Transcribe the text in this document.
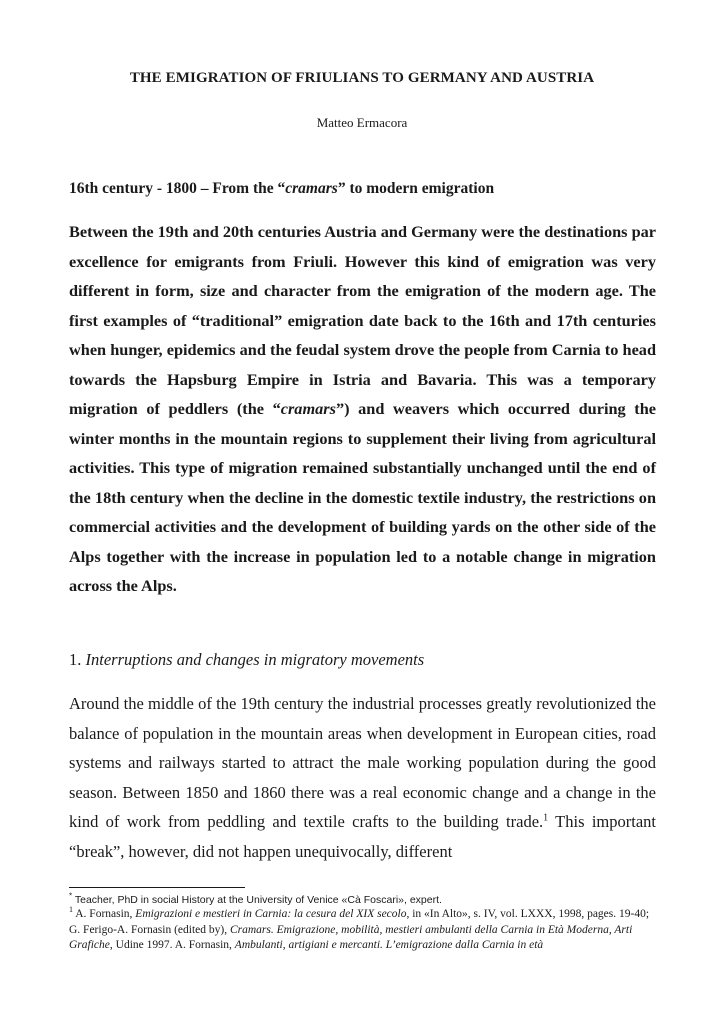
THE EMIGRATION OF FRIULIANS TO GERMANY AND AUSTRIA
Matteo Ermacora
16th century - 1800 – From the “cramars” to modern emigration

Between the 19th and 20th centuries Austria and Germany were the destinations par excellence for emigrants from Friuli. However this kind of emigration was very different in form, size and character from the emigration of the modern age. The first examples of “traditional” emigration date back to the 16th and 17th centuries when hunger, epidemics and the feudal system drove the people from Carnia to head towards the Hapsburg Empire in Istria and Bavaria. This was a temporary migration of peddlers (the “cramars”) and weavers which occurred during the winter months in the mountain regions to supplement their living from agricultural activities. This type of migration remained substantially unchanged until the end of the 18th century when the decline in the domestic textile industry, the restrictions on commercial activities and the development of building yards on the other side of the Alps together with the increase in population led to a notable change in migration across the Alps.

1. Interruptions and changes in migratory movements

Around the middle of the 19th century the industrial processes greatly revolutionized the balance of population in the mountain areas when development in European cities, road systems and railways started to attract the male working population during the good season. Between 1850 and 1860 there was a real economic change and a change in the kind of work from peddling and textile crafts to the building trade.$^1$ This important “break”, however, did not happen unequivocally, different

* Teacher, PhD in social History at the University of Venice «Cà Foscari», expert.

$^1$ A. Fornasin, Emigrazioni e mestieri in Carnia: la cesura del XIX secolo, in «In Alto», s. IV, vol. LXXX, 1998, pages. 19-40; G. Ferigo-A. Fornasin (edited by), Cramars. Emigrazione, mobilità, mestieri ambulanti della Carnia in Età Moderna, Arti Grafiche, Udine 1997. A. Fornasin, Ambulanti, artigiani e mercanti. L’emigrazione dalla Carnia in età
